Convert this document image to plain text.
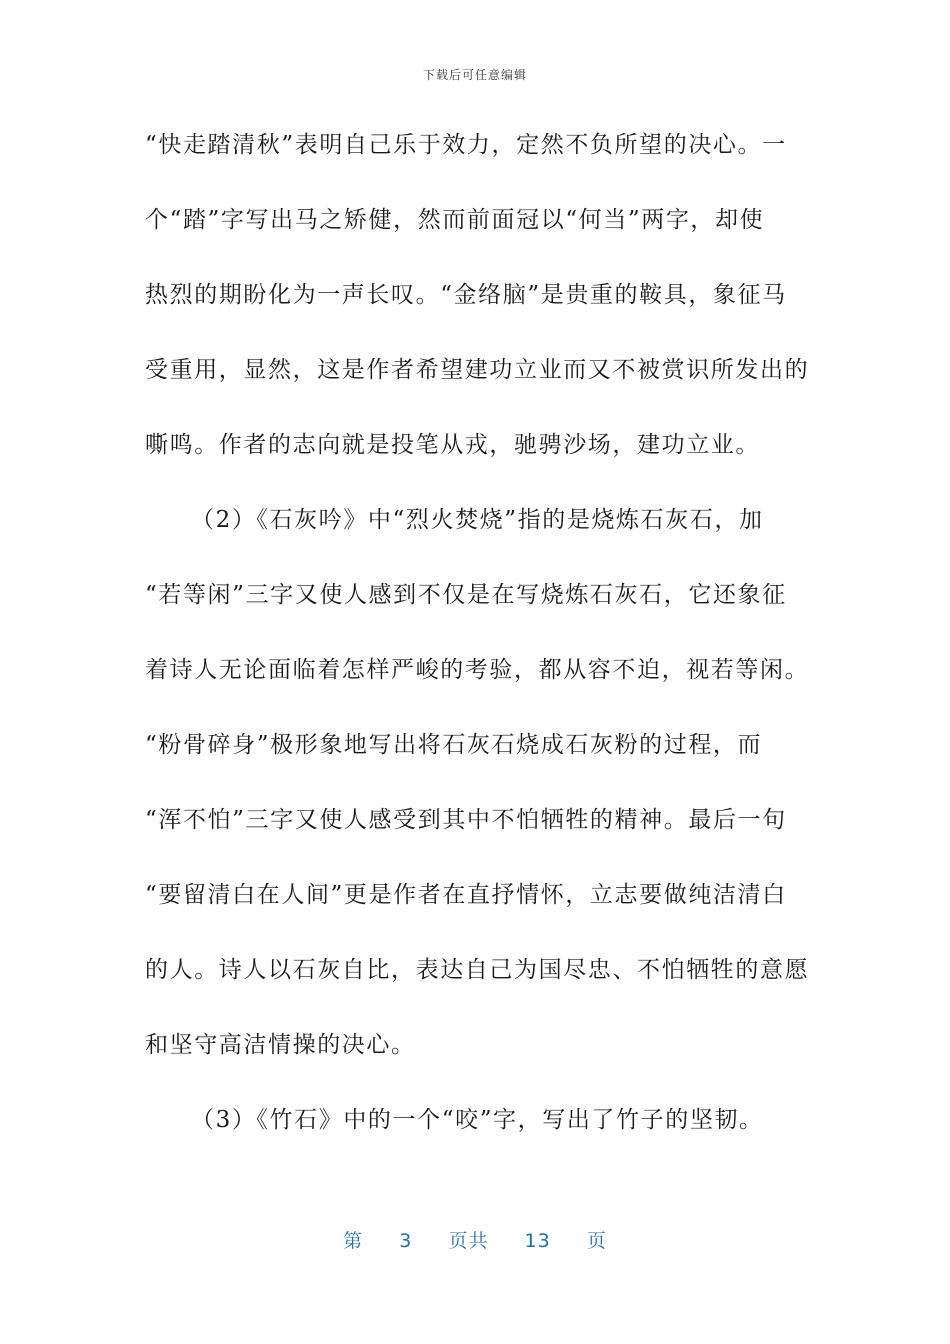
下载后可任意编辑
“快走踏清秋”表明自己乐于效力，定然不负所望的决心。一
个“踏”字写出马之矫健，然而前面冠以“何当”两字，却使
热烈的期盼化为一声长叹。“金络脑”是贵重的鞍具，象征马
受重用，显然，这是作者希望建功立业而又不被赏识所发出的
嘶鸣。作者的志向就是投笔从戎，驰骋沙场，建功立业。
（2）《石灰吟》中“烈火焚烧”指的是烧炼石灰石，加
“若等闲”三字又使人感到不仅是在写烧炼石灰石，它还象征
着诗人无论面临着怎样严峻的考验，都从容不迫，视若等闲。
“粉骨碎身”极形象地写出将石灰石烧成石灰粉的过程，而
“浑不怕”三字又使人感受到其中不怕牺牲的精神。最后一句
“要留清白在人间”更是作者在直抒情怀，立志要做纯洁清白
的人。诗人以石灰自比，表达自己为国尽忠、不怕牺牲的意愿
和坚守高洁情操的决心。
（3）《竹石》中的一个“咬”字，写出了竹子的坚韧。
第 3 页共 13 页
